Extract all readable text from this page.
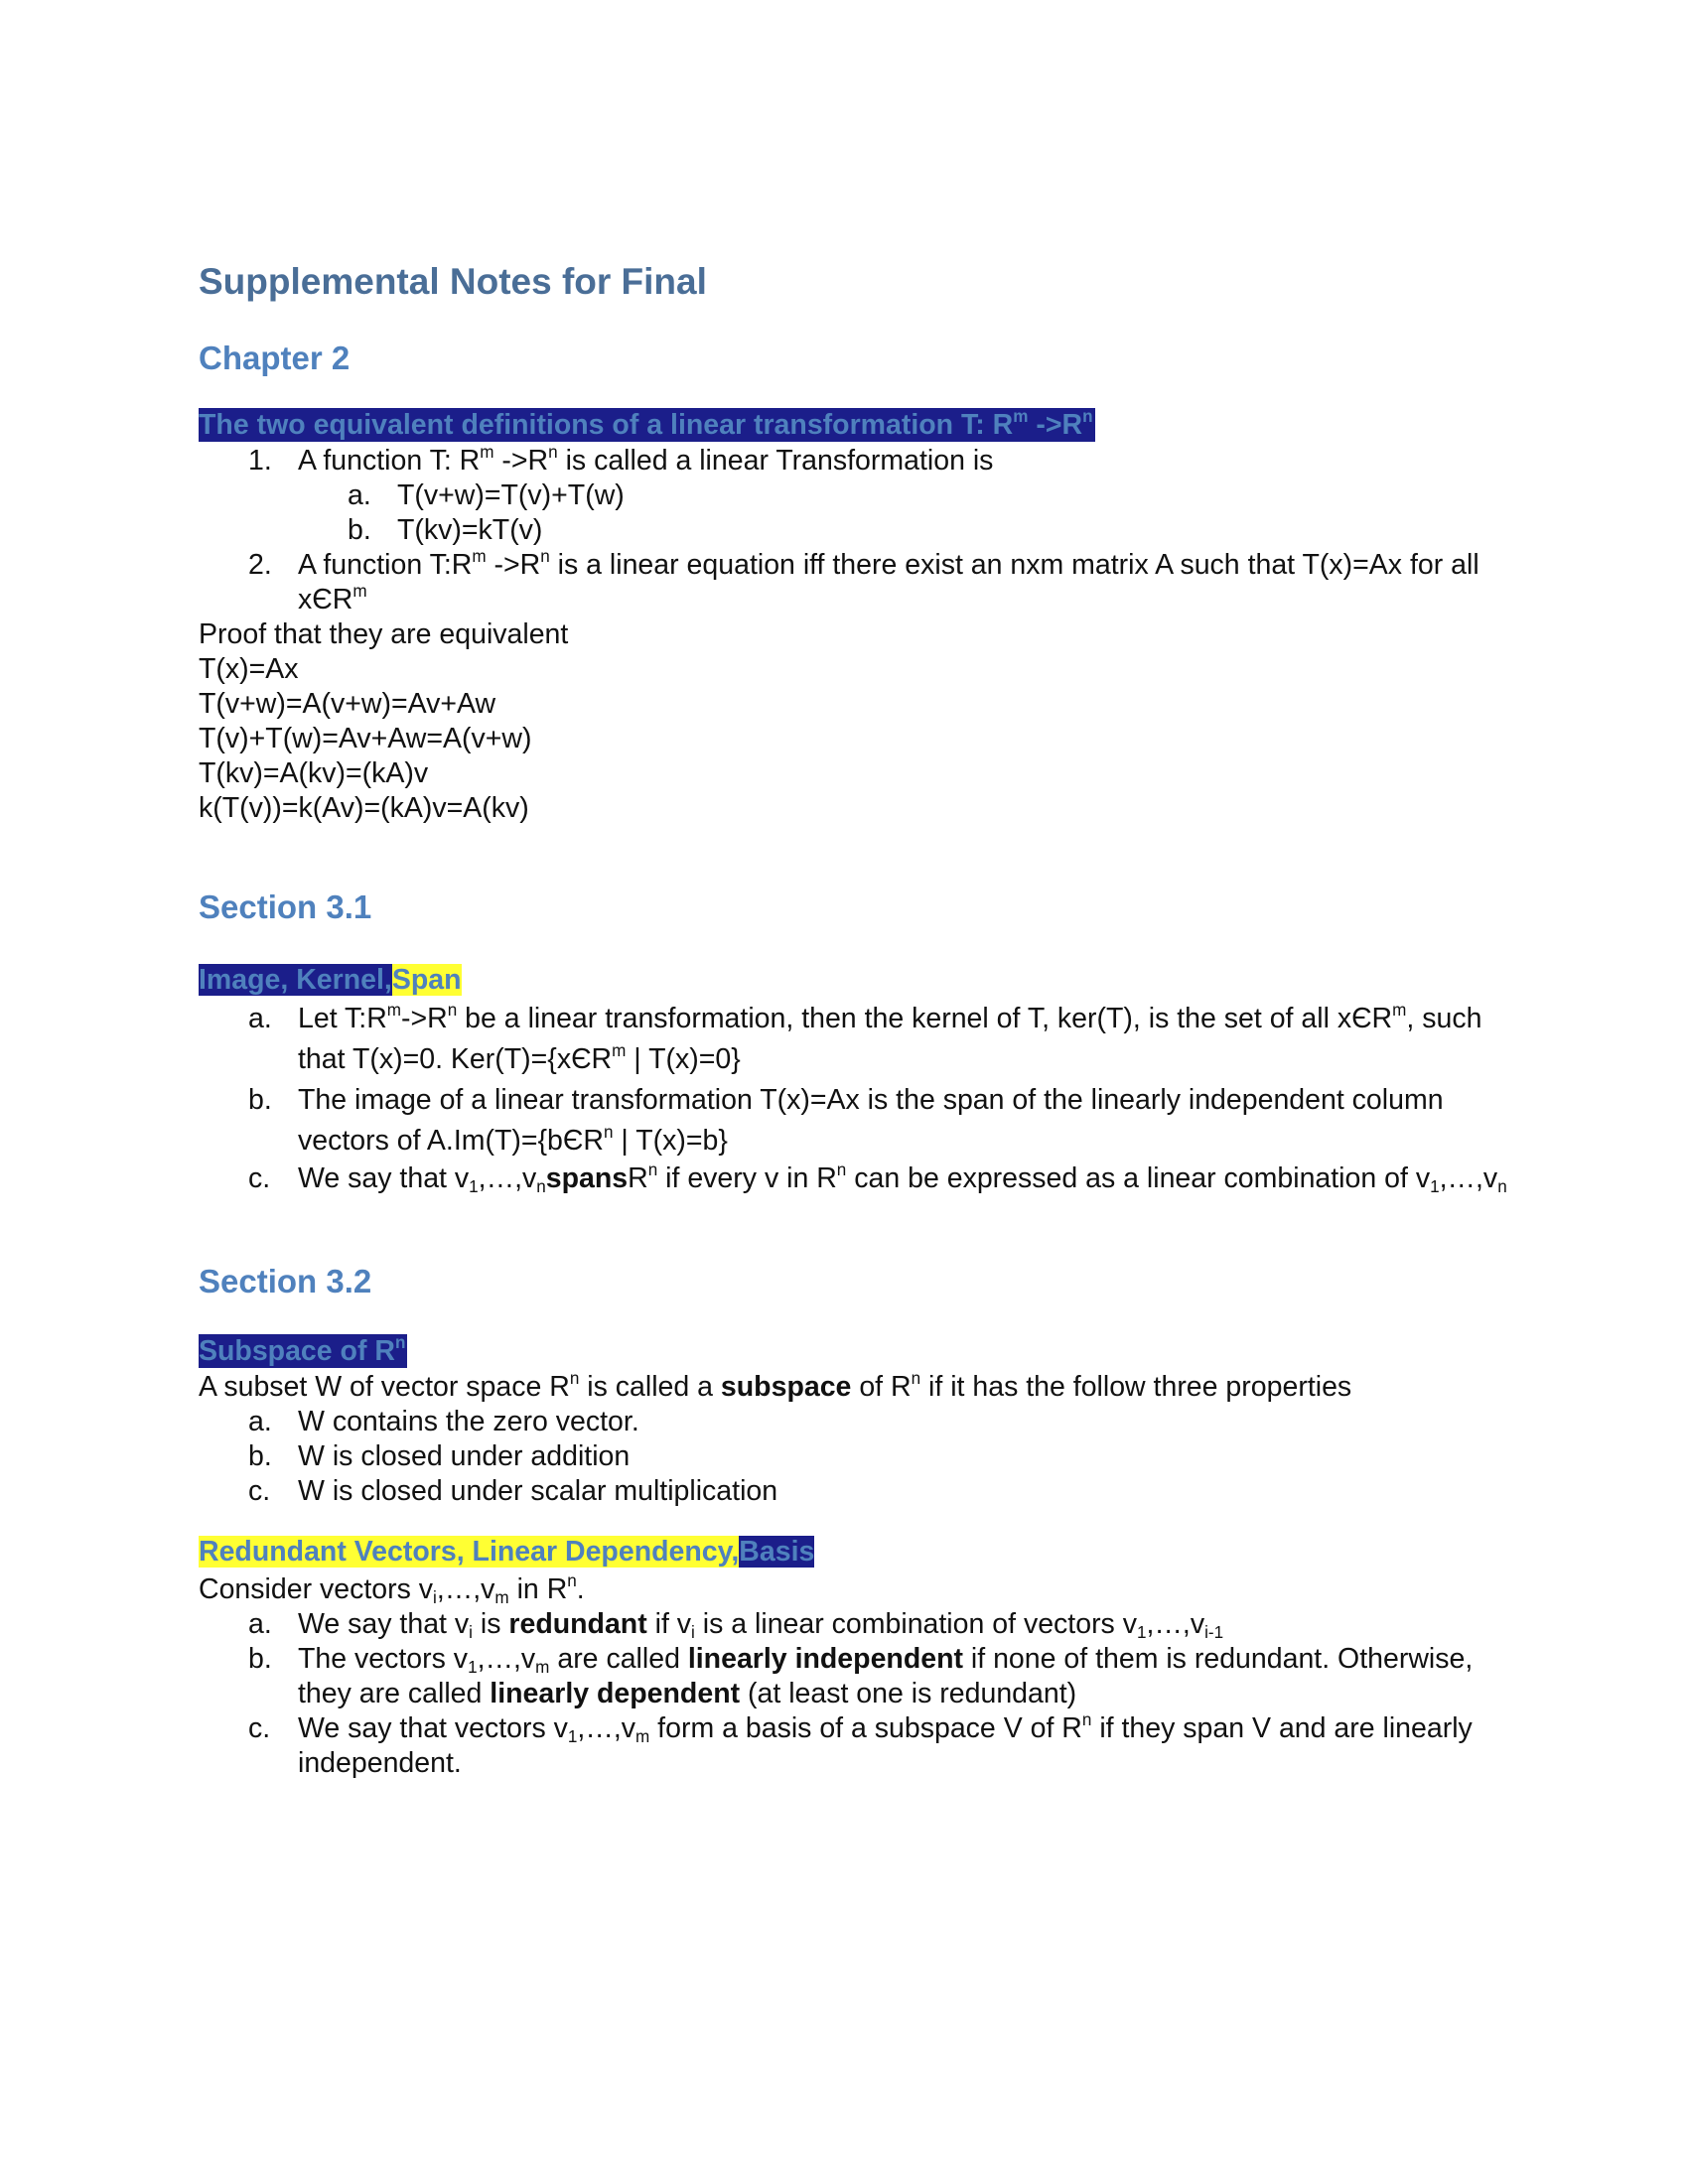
Supplemental Notes for Final
Chapter 2
The two equivalent definitions of a linear transformation T: $R^m$ $->R^n$
1. A function T: $R^m$ $->R^n$ is called a linear Transformation is
a. T(v+w)=T(v)+T(w)
b. T(kv)=kT(v)
2. A function $T:R^m$ $->R^n$ is a linear equation iff there exist an nxm matrix A such that T(x)=Ax for all xЄR$^m$
Proof that they are equivalent
T(x)=Ax
T(v+w)=A(v+w)=Av+Aw
T(v)+T(w)=Av+Aw=A(v+w)
T(kv)=A(kv)=(kA)v
k(T(v))=k(Av)=(kA)v=A(kv)
Section 3.1
Image, Kernel,Span
a. Let $T:R^m->R^n$ be a linear transformation, then the kernel of T, ker(T), is the set of all xЄR$^m$, such that T(x)=0. Ker(T)={xЄR$^m$ | T(x)=0}
b. The image of a linear transformation T(x)=Ax is the span of the linearly independent column vectors of A.Im(T)={bЄR$^n$ | T(x)=b}
c. We say that $v_1,\dots,v_nspansR^n$ if every v in $R^n$ can be expressed as a linear combination of $v_1,\dots,v_n$
Section 3.2
Subspace of $R^n$
A subset W of vector space $R^n$ is called a subspace of $R^n$ if it has the follow three properties
a. W contains the zero vector.
b. W is closed under addition
c. W is closed under scalar multiplication
Redundant Vectors, Linear Dependency,Basis
Consider vectors $v_i,\dots,v_m$ in $R^n$.
a. We say that $v_i$ is redundant if $v_i$ is a linear combination of vectors $v_1,\dots,v_{i-1}$
b. The vectors $v_1,\dots,v_m$ are called linearly independent if none of them is redundant. Otherwise, they are called linearly dependent (at least one is redundant)
c. We say that vectors $v_1,\dots,v_m$ form a basis of a subspace V of $R^n$ if they span V and are linearly independent.
